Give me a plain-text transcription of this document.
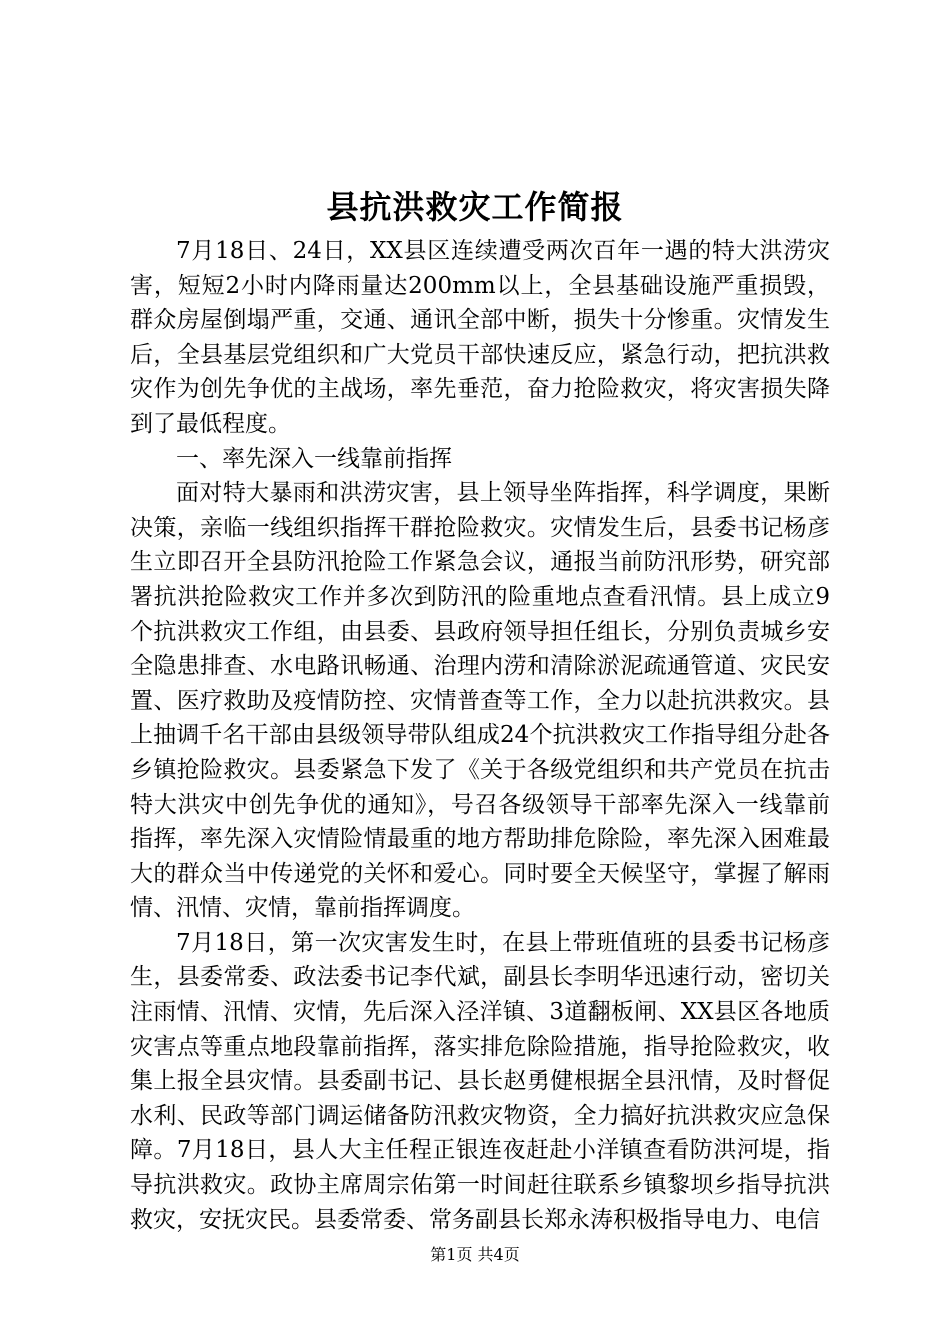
县抗洪救灾工作简报

7月18日、24日，XX县区连续遭受两次百年一遇的特大洪涝灾害，短短2小时内降雨量达200mm以上，全县基础设施严重损毁，群众房屋倒塌严重，交通、通讯全部中断，损失十分惨重。灾情发生后，全县基层党组织和广大党员干部快速反应，紧急行动，把抗洪救灾作为创先争优的主战场，率先垂范，奋力抢险救灾，将灾害损失降到了最低程度。

一、率先深入一线靠前指挥

面对特大暴雨和洪涝灾害，县上领导坐阵指挥，科学调度，果断决策，亲临一线组织指挥干群抢险救灾。灾情发生后，县委书记杨彦生立即召开全县防汛抢险工作紧急会议，通报当前防汛形势，研究部署抗洪抢险救灾工作并多次到防汛的险重地点查看汛情。县上成立9个抗洪救灾工作组，由县委、县政府领导担任组长，分别负责城乡安全隐患排查、水电路讯畅通、治理内涝和清除淤泥疏通管道、灾民安置、医疗救助及疫情防控、灾情普查等工作，全力以赴抗洪救灾。县上抽调千名干部由县级领导带队组成24个抗洪救灾工作指导组分赴各乡镇抢险救灾。县委紧急下发了《关于各级党组织和共产党员在抗击特大洪灾中创先争优的通知》，号召各级领导干部率先深入一线靠前指挥，率先深入灾情险情最重的地方帮助排危除险，率先深入困难最大的群众当中传递党的关怀和爱心。同时要全天候坚守，掌握了解雨情、汛情、灾情，靠前指挥调度。

7月18日，第一次灾害发生时，在县上带班值班的县委书记杨彦生，县委常委、政法委书记李代斌，副县长李明华迅速行动，密切关注雨情、汛情、灾情，先后深入泾洋镇、3道翻板闸、XX县区各地质灾害点等重点地段靠前指挥，落实排危除险措施，指导抢险救灾，收集上报全县灾情。县委副书记、县长赵勇健根据全县汛情，及时督促水利、民政等部门调运储备防汛救灾物资，全力搞好抗洪救灾应急保障。7月18日，县人大主任程正银连夜赶赴小洋镇查看防洪河堤，指导抗洪救灾。政协主席周宗佑第一时间赶往联系乡镇黎坝乡指导抗洪救灾，安抚灾民。县委常委、常务副县长郑永涛积极指导电力、电信

第1页 共4页
